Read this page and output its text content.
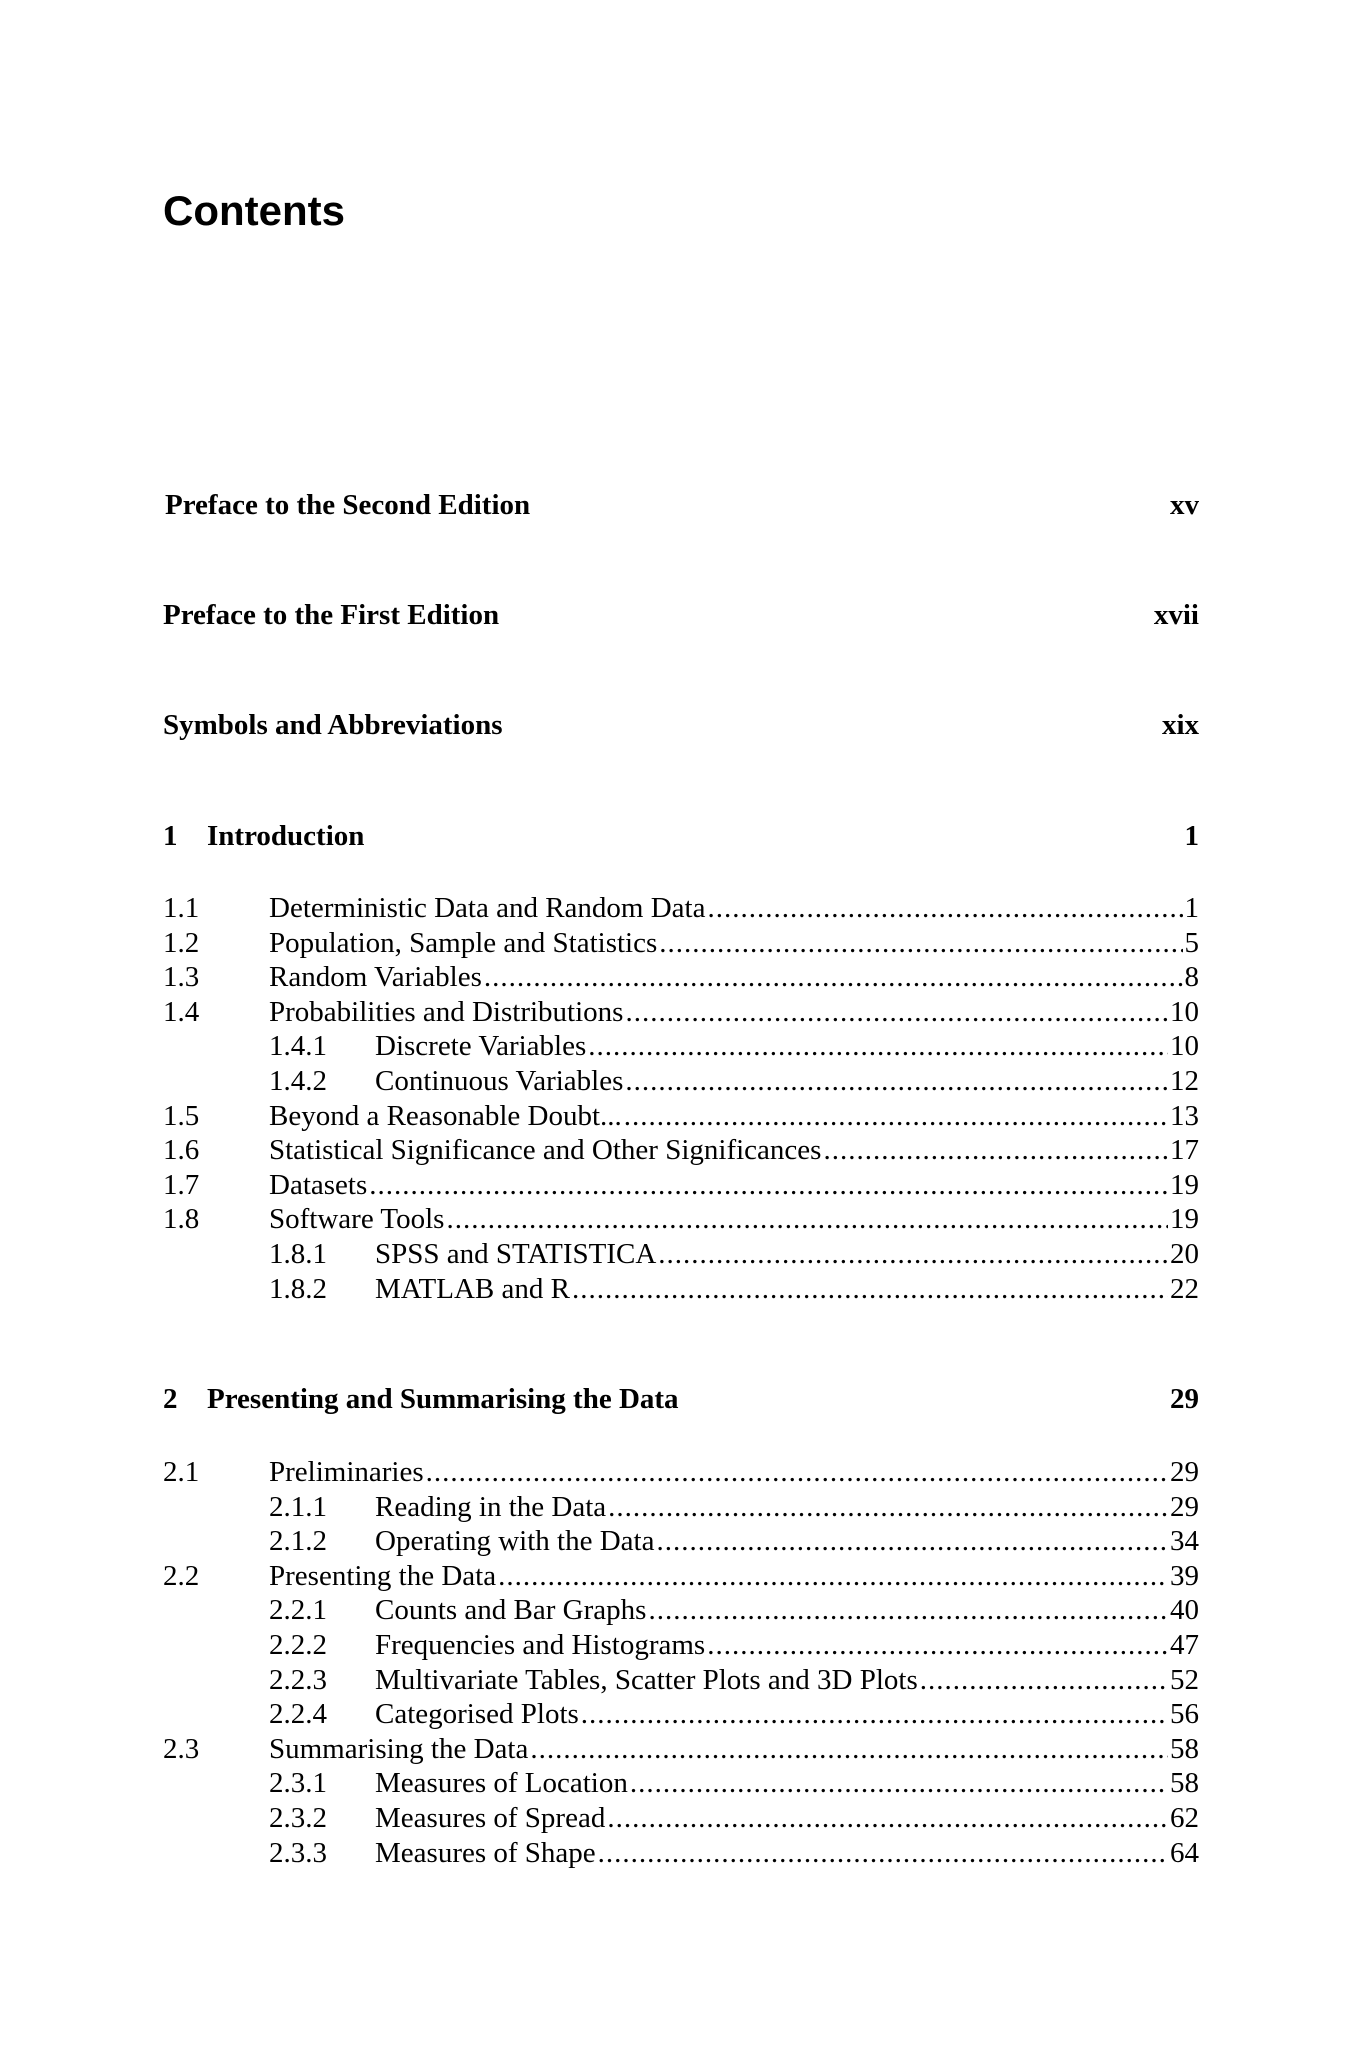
Contents
Preface to the Second Edition	xv
Preface to the First Edition	xvii
Symbols and Abbreviations	xix
1	Introduction	1
1.1	Deterministic Data and Random Data .....	1
1.2	Population, Sample and Statistics .....	5
1.3	Random Variables .....	8
1.4	Probabilities and Distributions .....	10
1.4.1	Discrete Variables .....	10
1.4.2	Continuous Variables .....	12
1.5	Beyond a Reasonable Doubt... .....	13
1.6	Statistical Significance and Other Significances .....	17
1.7	Datasets .....	19
1.8	Software Tools .....	19
1.8.1	SPSS and STATISTICA .....	20
1.8.2	MATLAB and R .....	22
2	Presenting and Summarising the Data	29
2.1	Preliminaries .....	29
2.1.1	Reading in the Data .....	29
2.1.2	Operating with the Data .....	34
2.2	Presenting the Data .....	39
2.2.1	Counts and Bar Graphs .....	40
2.2.2	Frequencies and Histograms .....	47
2.2.3	Multivariate Tables, Scatter Plots and 3D Plots .....	52
2.2.4	Categorised Plots .....	56
2.3	Summarising the Data .....	58
2.3.1	Measures of Location .....	58
2.3.2	Measures of Spread .....	62
2.3.3	Measures of Shape .....	64
